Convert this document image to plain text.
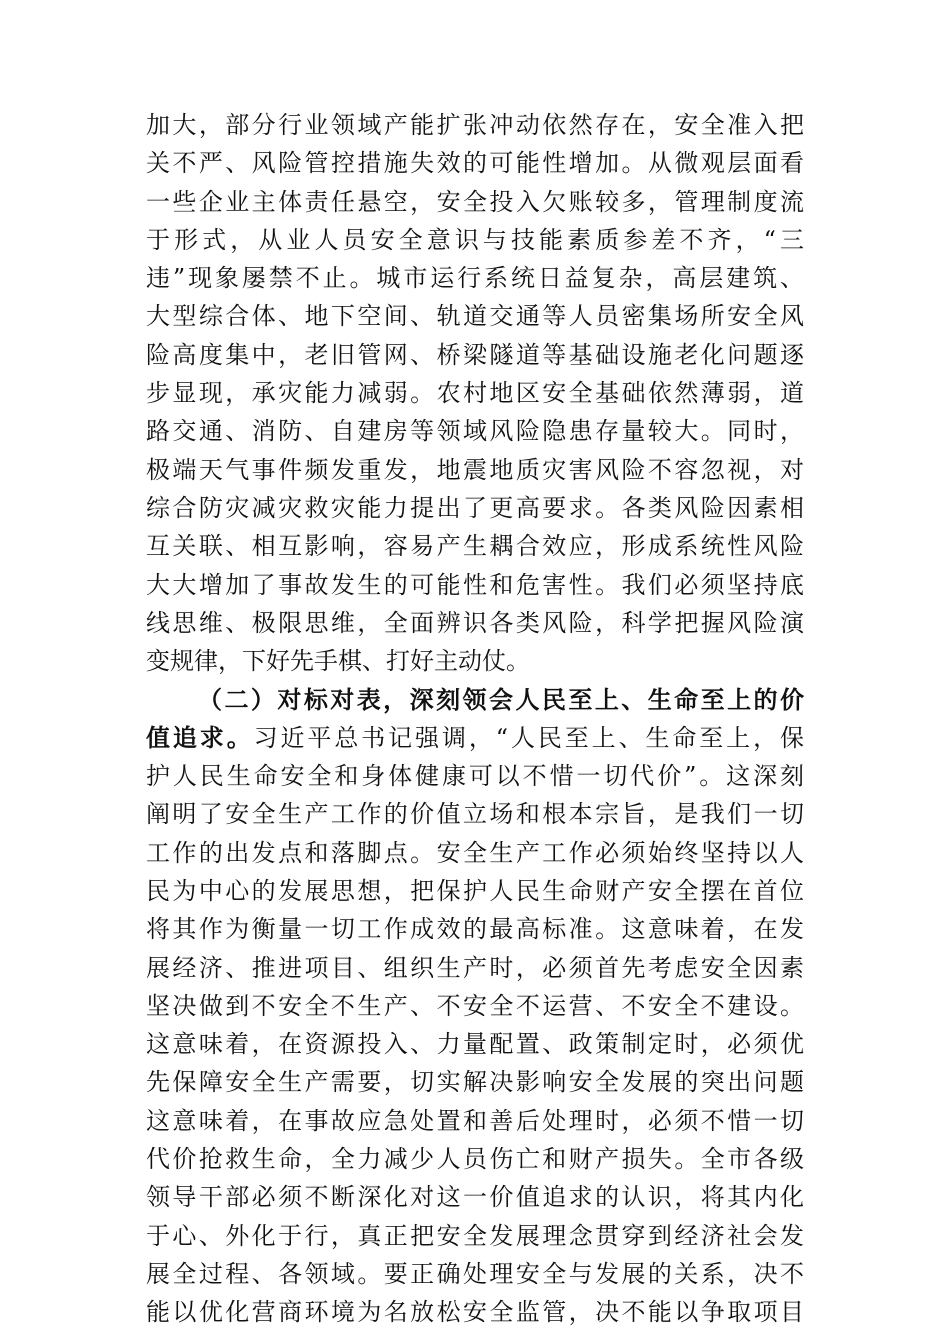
加大，部分行业领域产能扩张冲动依然存在，安全准入把
关不严、风险管控措施失效的可能性增加。从微观层面看
一些企业主体责任悬空，安全投入欠账较多，管理制度流
于形式，从业人员安全意识与技能素质参差不齐，“三
违”现象屡禁不止。城市运行系统日益复杂，高层建筑、
大型综合体、地下空间、轨道交通等人员密集场所安全风
险高度集中，老旧管网、桥梁隧道等基础设施老化问题逐
步显现，承灾能力减弱。农村地区安全基础依然薄弱，道
路交通、消防、自建房等领域风险隐患存量较大。同时，
极端天气事件频发重发，地震地质灾害风险不容忽视，对
综合防灾减灾救灾能力提出了更高要求。各类风险因素相
互关联、相互影响，容易产生耦合效应，形成系统性风险
大大增加了事故发生的可能性和危害性。我们必须坚持底
线思维、极限思维，全面辨识各类风险，科学把握风险演
变规律，下好先手棋、打好主动仗。
（二）对标对表，深刻领会人民至上、生命至上的价
值追求。习近平总书记强调，“人民至上、生命至上，保
护人民生命安全和身体健康可以不惜一切代价”。这深刻
阐明了安全生产工作的价值立场和根本宗旨，是我们一切
工作的出发点和落脚点。安全生产工作必须始终坚持以人
民为中心的发展思想，把保护人民生命财产安全摆在首位
将其作为衡量一切工作成效的最高标准。这意味着，在发
展经济、推进项目、组织生产时，必须首先考虑安全因素
坚决做到不安全不生产、不安全不运营、不安全不建设。
这意味着，在资源投入、力量配置、政策制定时，必须优
先保障安全生产需要，切实解决影响安全发展的突出问题
这意味着，在事故应急处置和善后处理时，必须不惜一切
代价抢救生命，全力减少人员伤亡和财产损失。全市各级
领导干部必须不断深化对这一价值追求的认识，将其内化
于心、外化于行，真正把安全发展理念贯穿到经济社会发
展全过程、各领域。要正确处理安全与发展的关系，决不
能以优化营商环境为名放松安全监管，决不能以争取项目
